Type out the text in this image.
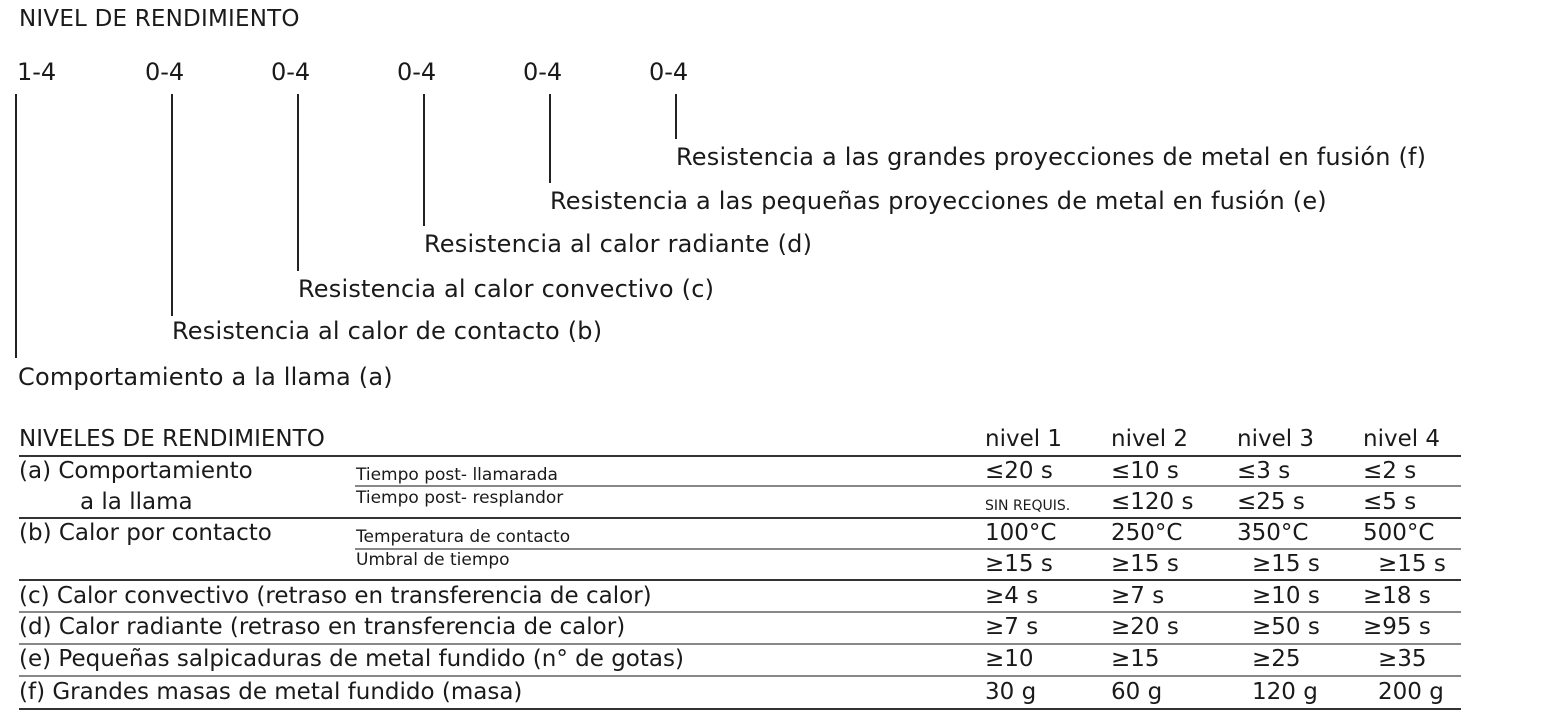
NIVEL DE RENDIMIENTO
1-4	0-4	0-4	0-4	0-4	0-4
Comportamiento a la llama (a)
Resistencia al calor de contacto (b)
Resistencia al calor convectivo (c)
Resistencia al calor radiante (d)
Resistencia a las pequeñas proyecciones de metal en fusión (e)
Resistencia a las grandes proyecciones de metal en fusión (f)
NIVELES DE RENDIMIENTO	nivel 1 nivel 2 nivel 3 nivel 4
(a) Comportamiento
a la llama
Tiempo post- llamarada	≤20 s	≤10 s	≤3 s	≤2 s
Tiempo post- resplandor	SIN REQUIS. ≤120 s ≤25 s	≤5 s
(b) Calor por contacto	Temperatura de contacto	100°C 250°C 350°C 500°C
Umbral de tiempo	≥15 s	≥15 s	≥15 s	≥15 s
(c) Calor convectivo (retraso en transferencia de calor)	≥4 s	≥7 s	≥10 s ≥18 s
(d) Calor radiante (retraso en transferencia de calor)	≥7 s	≥20 s	≥50 s ≥95 s
(e) Pequeñas salpicaduras de metal fundido (n° de gotas)	≥10	≥15	≥25	≥35
(f) Grandes masas de metal fundido (masa)	30 g	60 g	120 g	200 g
